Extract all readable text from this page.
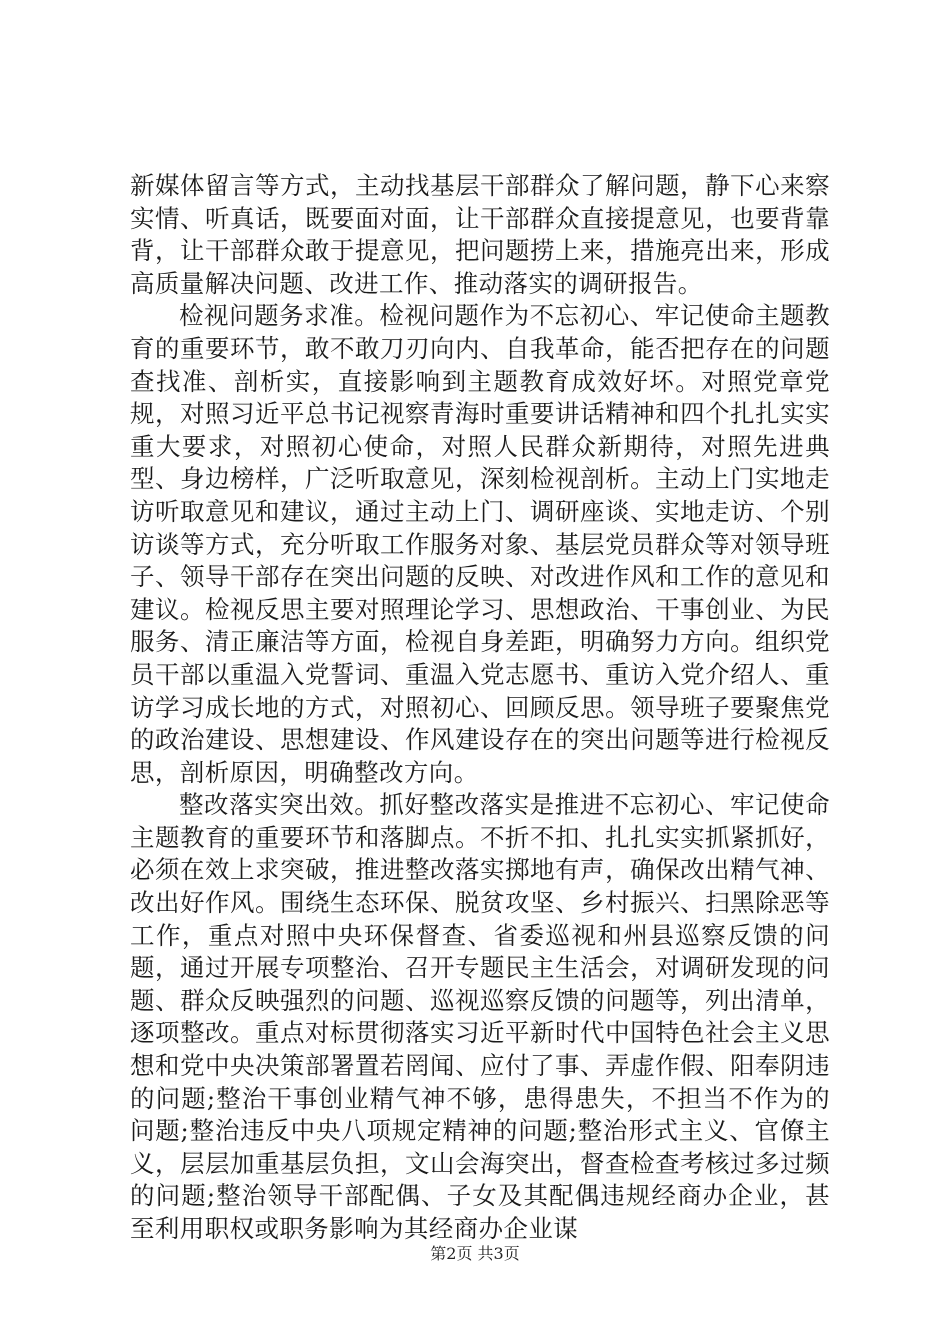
新媒体留言等方式，主动找基层干部群众了解问题，静下心来察实情、听真话，既要面对面，让干部群众直接提意见，也要背靠背，让干部群众敢于提意见，把问题捞上来，措施亮出来，形成高质量解决问题、改进工作、推动落实的调研报告。

检视问题务求准。检视问题作为不忘初心、牢记使命主题教育的重要环节，敢不敢刀刃向内、自我革命，能否把存在的问题查找准、剖析实，直接影响到主题教育成效好坏。对照党章党规，对照习近平总书记视察青海时重要讲话精神和四个扎扎实实重大要求，对照初心使命，对照人民群众新期待，对照先进典型、身边榜样，广泛听取意见，深刻检视剖析。主动上门实地走访听取意见和建议，通过主动上门、调研座谈、实地走访、个别访谈等方式，充分听取工作服务对象、基层党员群众等对领导班子、领导干部存在突出问题的反映、对改进作风和工作的意见和建议。检视反思主要对照理论学习、思想政治、干事创业、为民服务、清正廉洁等方面，检视自身差距，明确努力方向。组织党员干部以重温入党誓词、重温入党志愿书、重访入党介绍人、重访学习成长地的方式，对照初心、回顾反思。领导班子要聚焦党的政治建设、思想建设、作风建设存在的突出问题等进行检视反思，剖析原因，明确整改方向。

整改落实突出效。抓好整改落实是推进不忘初心、牢记使命主题教育的重要环节和落脚点。不折不扣、扎扎实实抓紧抓好，必须在效上求突破，推进整改落实掷地有声，确保改出精气神、改出好作风。围绕生态环保、脱贫攻坚、乡村振兴、扫黑除恶等工作，重点对照中央环保督查、省委巡视和州县巡察反馈的问题，通过开展专项整治、召开专题民主生活会，对调研发现的问题、群众反映强烈的问题、巡视巡察反馈的问题等，列出清单，逐项整改。重点对标贯彻落实习近平新时代中国特色社会主义思想和党中央决策部署置若罔闻、应付了事、弄虚作假、阳奉阴违的问题;整治干事创业精气神不够，患得患失，不担当不作为的问题;整治违反中央八项规定精神的问题;整治形式主义、官僚主义，层层加重基层负担，文山会海突出，督查检查考核过多过频的问题;整治领导干部配偶、子女及其配偶违规经商办企业，甚至利用职权或职务影响为其经商办企业谋

第2页 共3页
